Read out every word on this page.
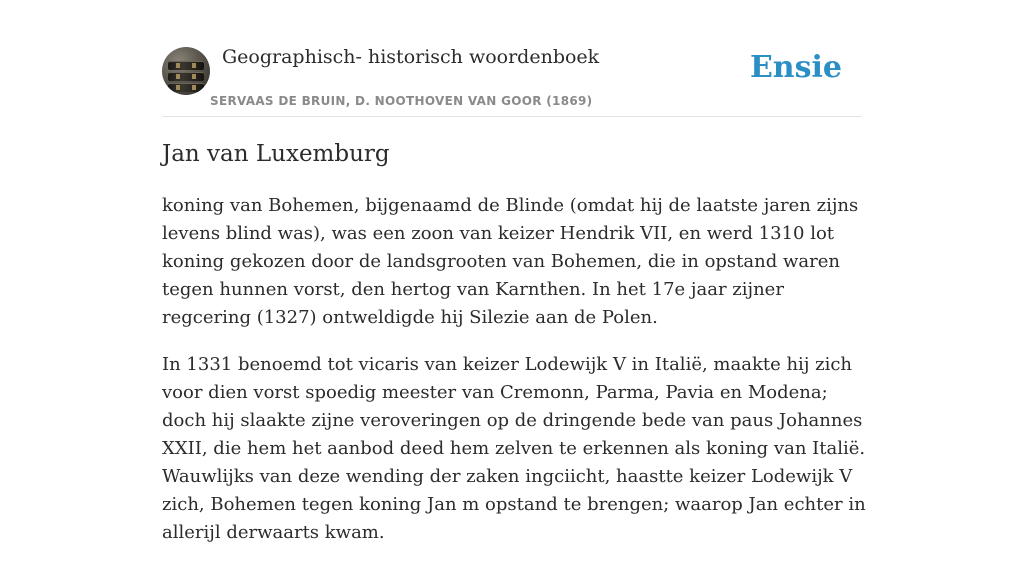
Geographisch- historisch woordenboek
SERVAAS DE BRUIN, D. NOOTHOVEN VAN GOOR (1869)
Ensie
Jan van Luxemburg

koning van Bohemen, bijgenaamd de Blinde (omdat hij de laatste jaren zijns levens blind was), was een zoon van keizer Hendrik VII, en werd 1310 lot koning gekozen door de landsgrooten van Bohemen, die in opstand waren tegen hunnen vorst, den hertog van Karnthen. In het 17e jaar zijner regcering (1327) ontweldigde hij Silezie aan de Polen.

In 1331 benoemd tot vicaris van keizer Lodewijk V in Italië, maakte hij zich voor dien vorst spoedig meester van Cremonn, Parma, Pavia en Modena; doch hij slaakte zijne veroveringen op de dringende bede van paus Johannes XXII, die hem het aanbod deed hem zelven te erkennen als koning van Italië. Wauwlijks van deze wending der zaken ingciicht, haastte keizer Lodewijk V zich, Bohemen tegen koning Jan m opstand te brengen; waarop Jan echter in allerijl derwaarts kwam.
